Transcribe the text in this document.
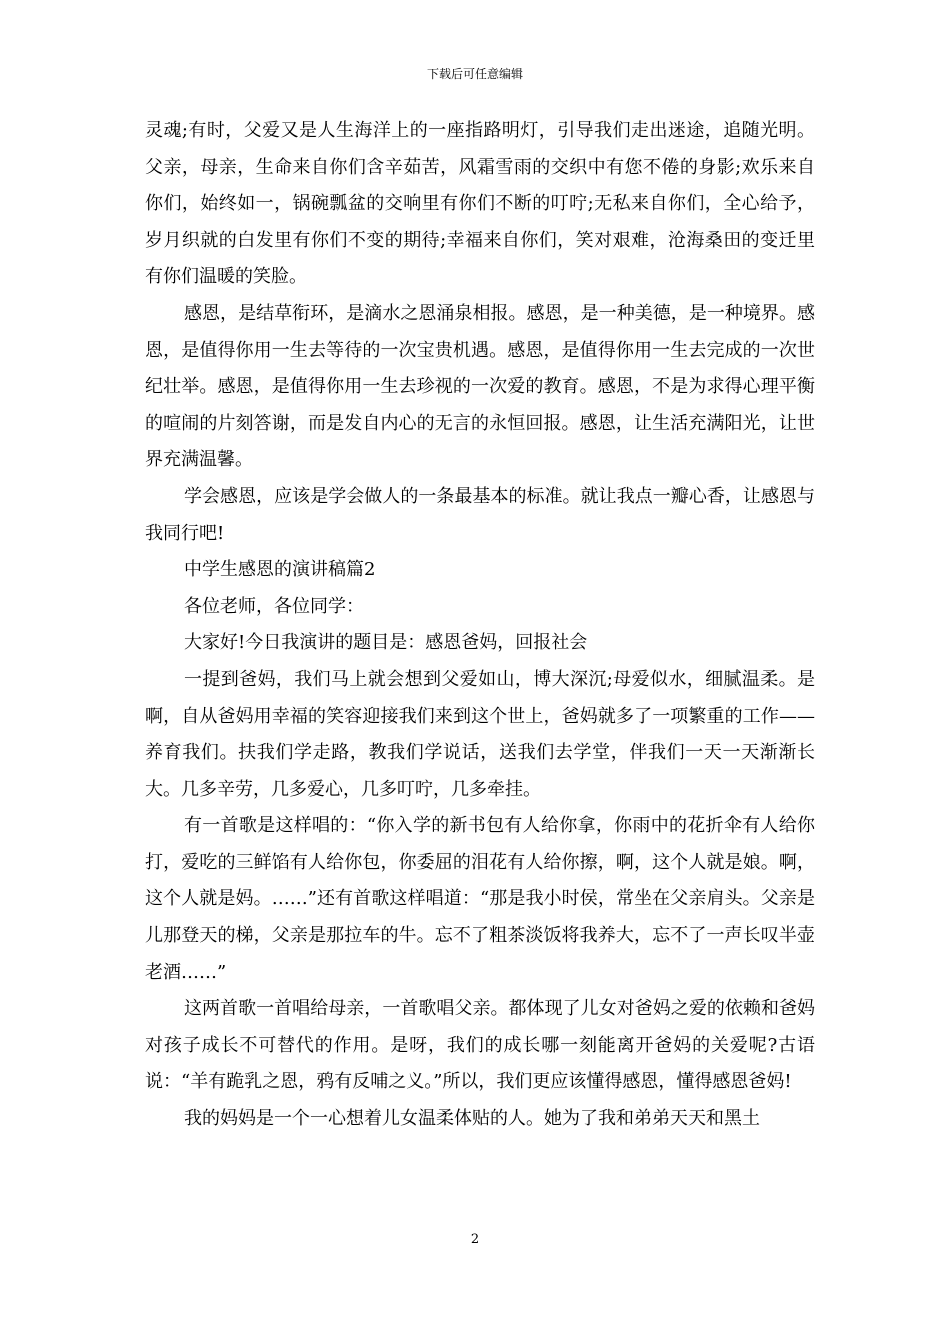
下载后可任意编辑

灵魂;有时，父爱又是人生海洋上的一座指路明灯，引导我们走出迷途，追随光明。父亲，母亲，生命来自你们含辛茹苦，风霜雪雨的交织中有您不倦的身影;欢乐来自你们，始终如一，锅碗瓢盆的交响里有你们不断的叮咛;无私来自你们，全心给予，岁月织就的白发里有你们不变的期待;幸福来自你们，笑对艰难，沧海桑田的变迁里有你们温暖的笑脸。

感恩，是结草衔环，是滴水之恩涌泉相报。感恩，是一种美德，是一种境界。感恩，是值得你用一生去等待的一次宝贵机遇。感恩，是值得你用一生去完成的一次世纪壮举。感恩，是值得你用一生去珍视的一次爱的教育。感恩，不是为求得心理平衡的喧闹的片刻答谢，而是发自内心的无言的永恒回报。感恩，让生活充满阳光，让世界充满温馨。

学会感恩，应该是学会做人的一条最基本的标准。就让我点一瓣心香，让感恩与我同行吧!

中学生感恩的演讲稿篇2

各位老师，各位同学：

大家好!今日我演讲的题目是：感恩爸妈，回报社会

一提到爸妈，我们马上就会想到父爱如山，博大深沉;母爱似水，细腻温柔。是啊，自从爸妈用幸福的笑容迎接我们来到这个世上，爸妈就多了一项繁重的工作——养育我们。扶我们学走路，教我们学说话，送我们去学堂，伴我们一天一天渐渐长大。几多辛劳，几多爱心，几多叮咛，几多牵挂。

有一首歌是这样唱的：“你入学的新书包有人给你拿，你雨中的花折伞有人给你打，爱吃的三鲜馅有人给你包，你委屈的泪花有人给你擦，啊，这个人就是娘。啊，这个人就是妈。……”还有首歌这样唱道：“那是我小时侯，常坐在父亲肩头。父亲是儿那登天的梯，父亲是那拉车的牛。忘不了粗茶淡饭将我养大，忘不了一声长叹半壶老酒……”

这两首歌一首唱给母亲，一首歌唱父亲。都体现了儿女对爸妈之爱的依赖和爸妈对孩子成长不可替代的作用。是呀，我们的成长哪一刻能离开爸妈的关爱呢?古语说：“羊有跪乳之恩，鸦有反哺之义。”所以，我们更应该懂得感恩，懂得感恩爸妈!

我的妈妈是一个一心想着儿女温柔体贴的人。她为了我和弟弟天天和黑土

2
